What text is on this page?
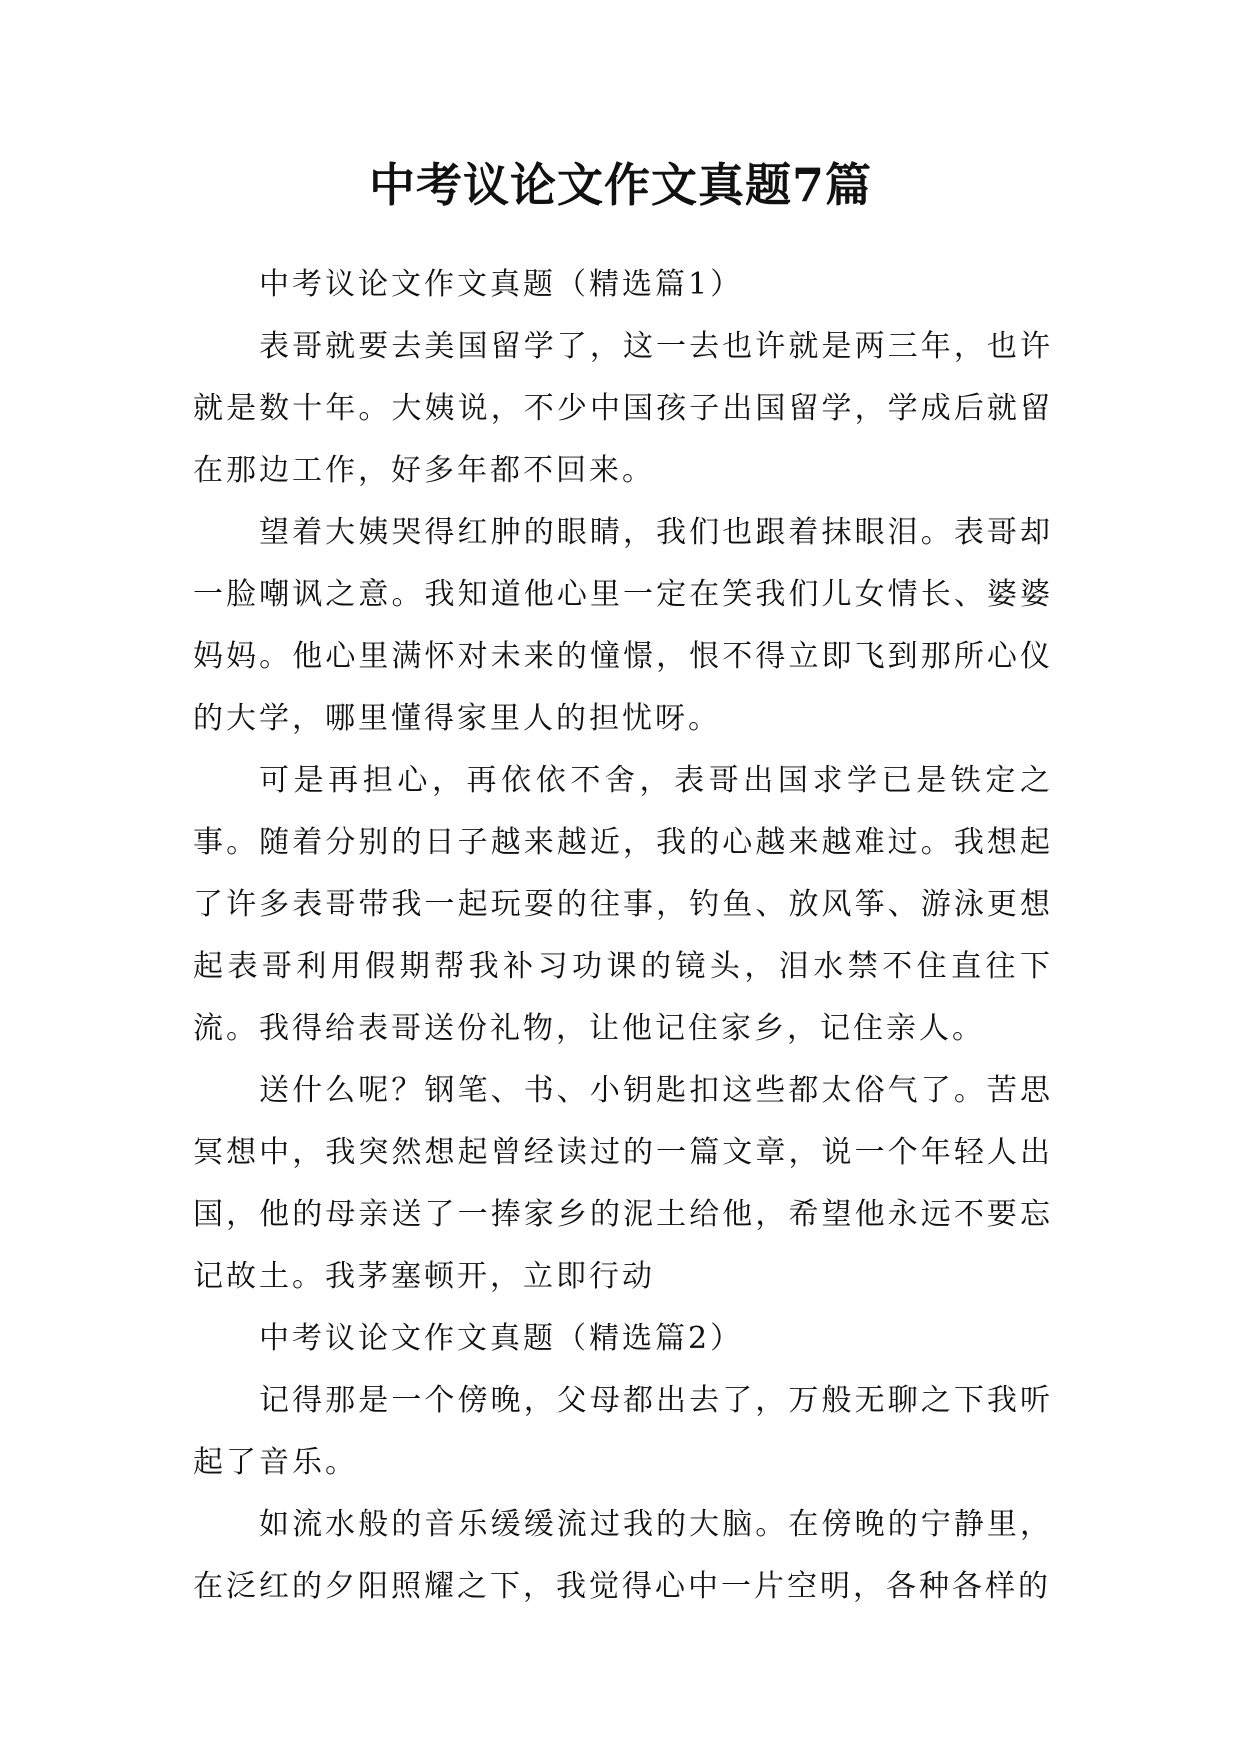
中考议论文作文真题7篇

中考议论文作文真题（精选篇1）

表哥就要去美国留学了，这一去也许就是两三年，也许就是数十年。大姨说，不少中国孩子出国留学，学成后就留在那边工作，好多年都不回来。

望着大姨哭得红肿的眼睛，我们也跟着抹眼泪。表哥却一脸嘲讽之意。我知道他心里一定在笑我们儿女情长、婆婆妈妈。他心里满怀对未来的憧憬，恨不得立即飞到那所心仪的大学，哪里懂得家里人的担忧呀。

可是再担心，再依依不舍，表哥出国求学已是铁定之事。随着分别的日子越来越近，我的心越来越难过。我想起了许多表哥带我一起玩耍的往事，钓鱼、放风筝、游泳更想起表哥利用假期帮我补习功课的镜头，泪水禁不住直往下流。我得给表哥送份礼物，让他记住家乡，记住亲人。

送什么呢？钢笔、书、小钥匙扣这些都太俗气了。苦思冥想中，我突然想起曾经读过的一篇文章，说一个年轻人出国，他的母亲送了一捧家乡的泥土给他，希望他永远不要忘记故土。我茅塞顿开，立即行动

中考议论文作文真题（精选篇2）

记得那是一个傍晚，父母都出去了，万般无聊之下我听起了音乐。

如流水般的音乐缓缓流过我的大脑。在傍晚的宁静里，在泛红的夕阳照耀之下，我觉得心中一片空明，各种各样的
